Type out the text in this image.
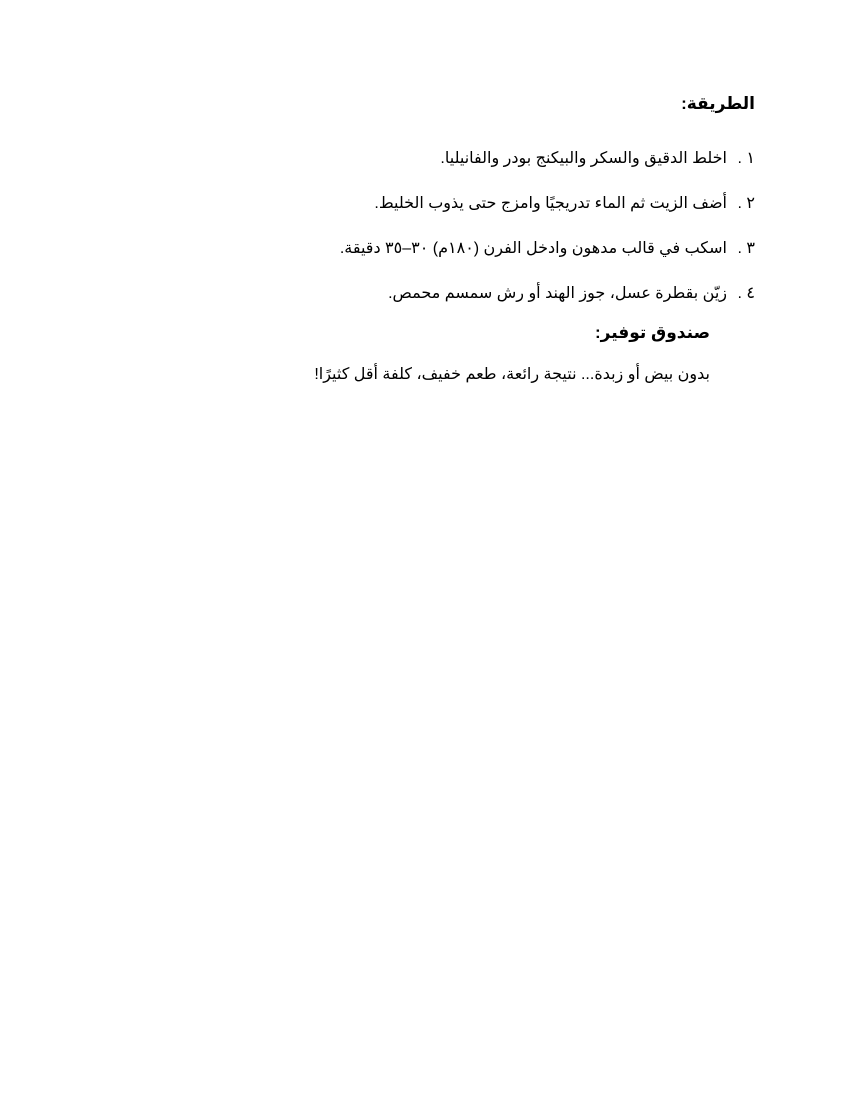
الطريقة:
١ .
اخلط الدقيق والسكر والبيكنج بودر والفانيليا.
٢ .
أضف الزيت ثم الماء تدريجيًا وامزج حتى يذوب الخليط.
٣ .
اسكب في قالب مدهون وادخل الفرن (١٨٠م) ٣٠–٣٥ دقيقة.
٤ .
زيّن بقطرة عسل، جوز الهند أو رش سمسم محمص.
صندوق توفير:
بدون بيض أو زبدة... نتيجة رائعة، طعم خفيف، كلفة أقل كثيرًا!
